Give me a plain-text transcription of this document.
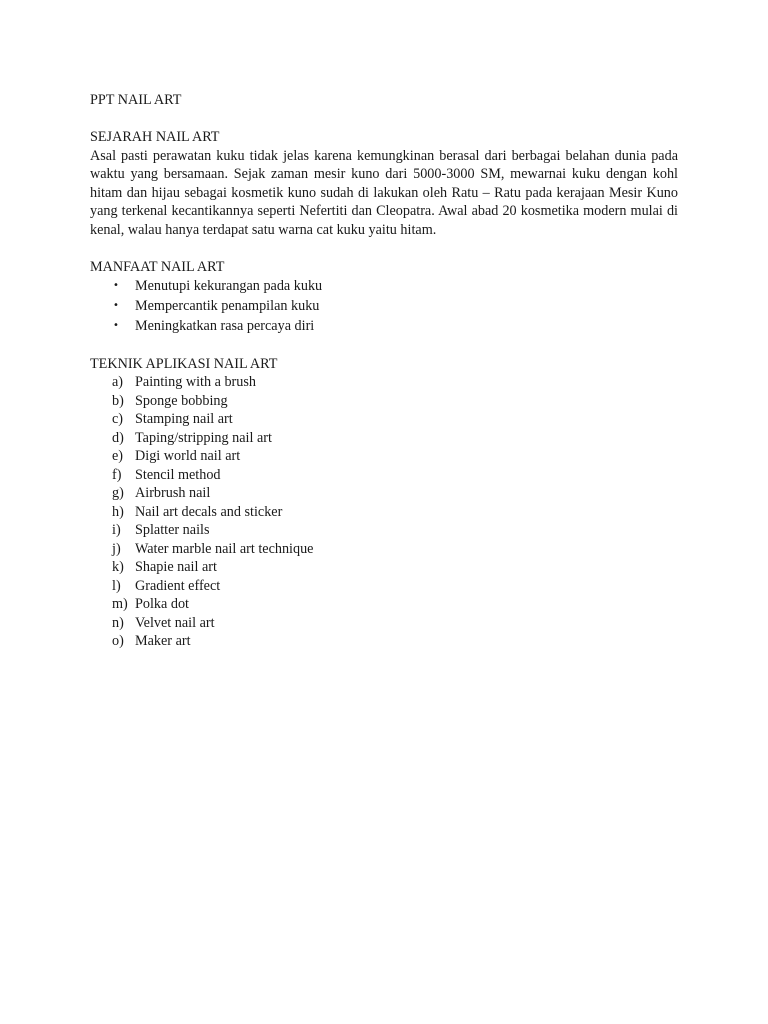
PPT NAIL ART
SEJARAH NAIL ART

Asal pasti perawatan kuku tidak jelas karena kemungkinan berasal dari berbagai belahan dunia pada waktu yang bersamaan. Sejak zaman mesir kuno dari 5000-3000 SM, mewarnai kuku dengan kohl hitam dan hijau sebagai kosmetik kuno sudah di lakukan oleh Ratu – Ratu pada kerajaan Mesir Kuno yang terkenal kecantikannya seperti Nefertiti dan Cleopatra. Awal abad 20 kosmetika modern mulai di kenal, walau hanya terdapat satu warna cat kuku yaitu hitam.

MANFAAT NAIL ART
• Menutupi kekurangan pada kuku
• Mempercantik penampilan kuku
• Meningkatkan rasa percaya diri
TEKNIK APLIKASI NAIL ART
a) Painting with a brush
b) Sponge bobbing
c) Stamping nail art
d) Taping/stripping nail art
e) Digi world nail art
f) Stencil method
g) Airbrush nail
h) Nail art decals and sticker
i) Splatter nails
j) Water marble nail art technique
k) Shapie nail art
l) Gradient effect
m) Polka dot
n) Velvet nail art
o) Maker art
